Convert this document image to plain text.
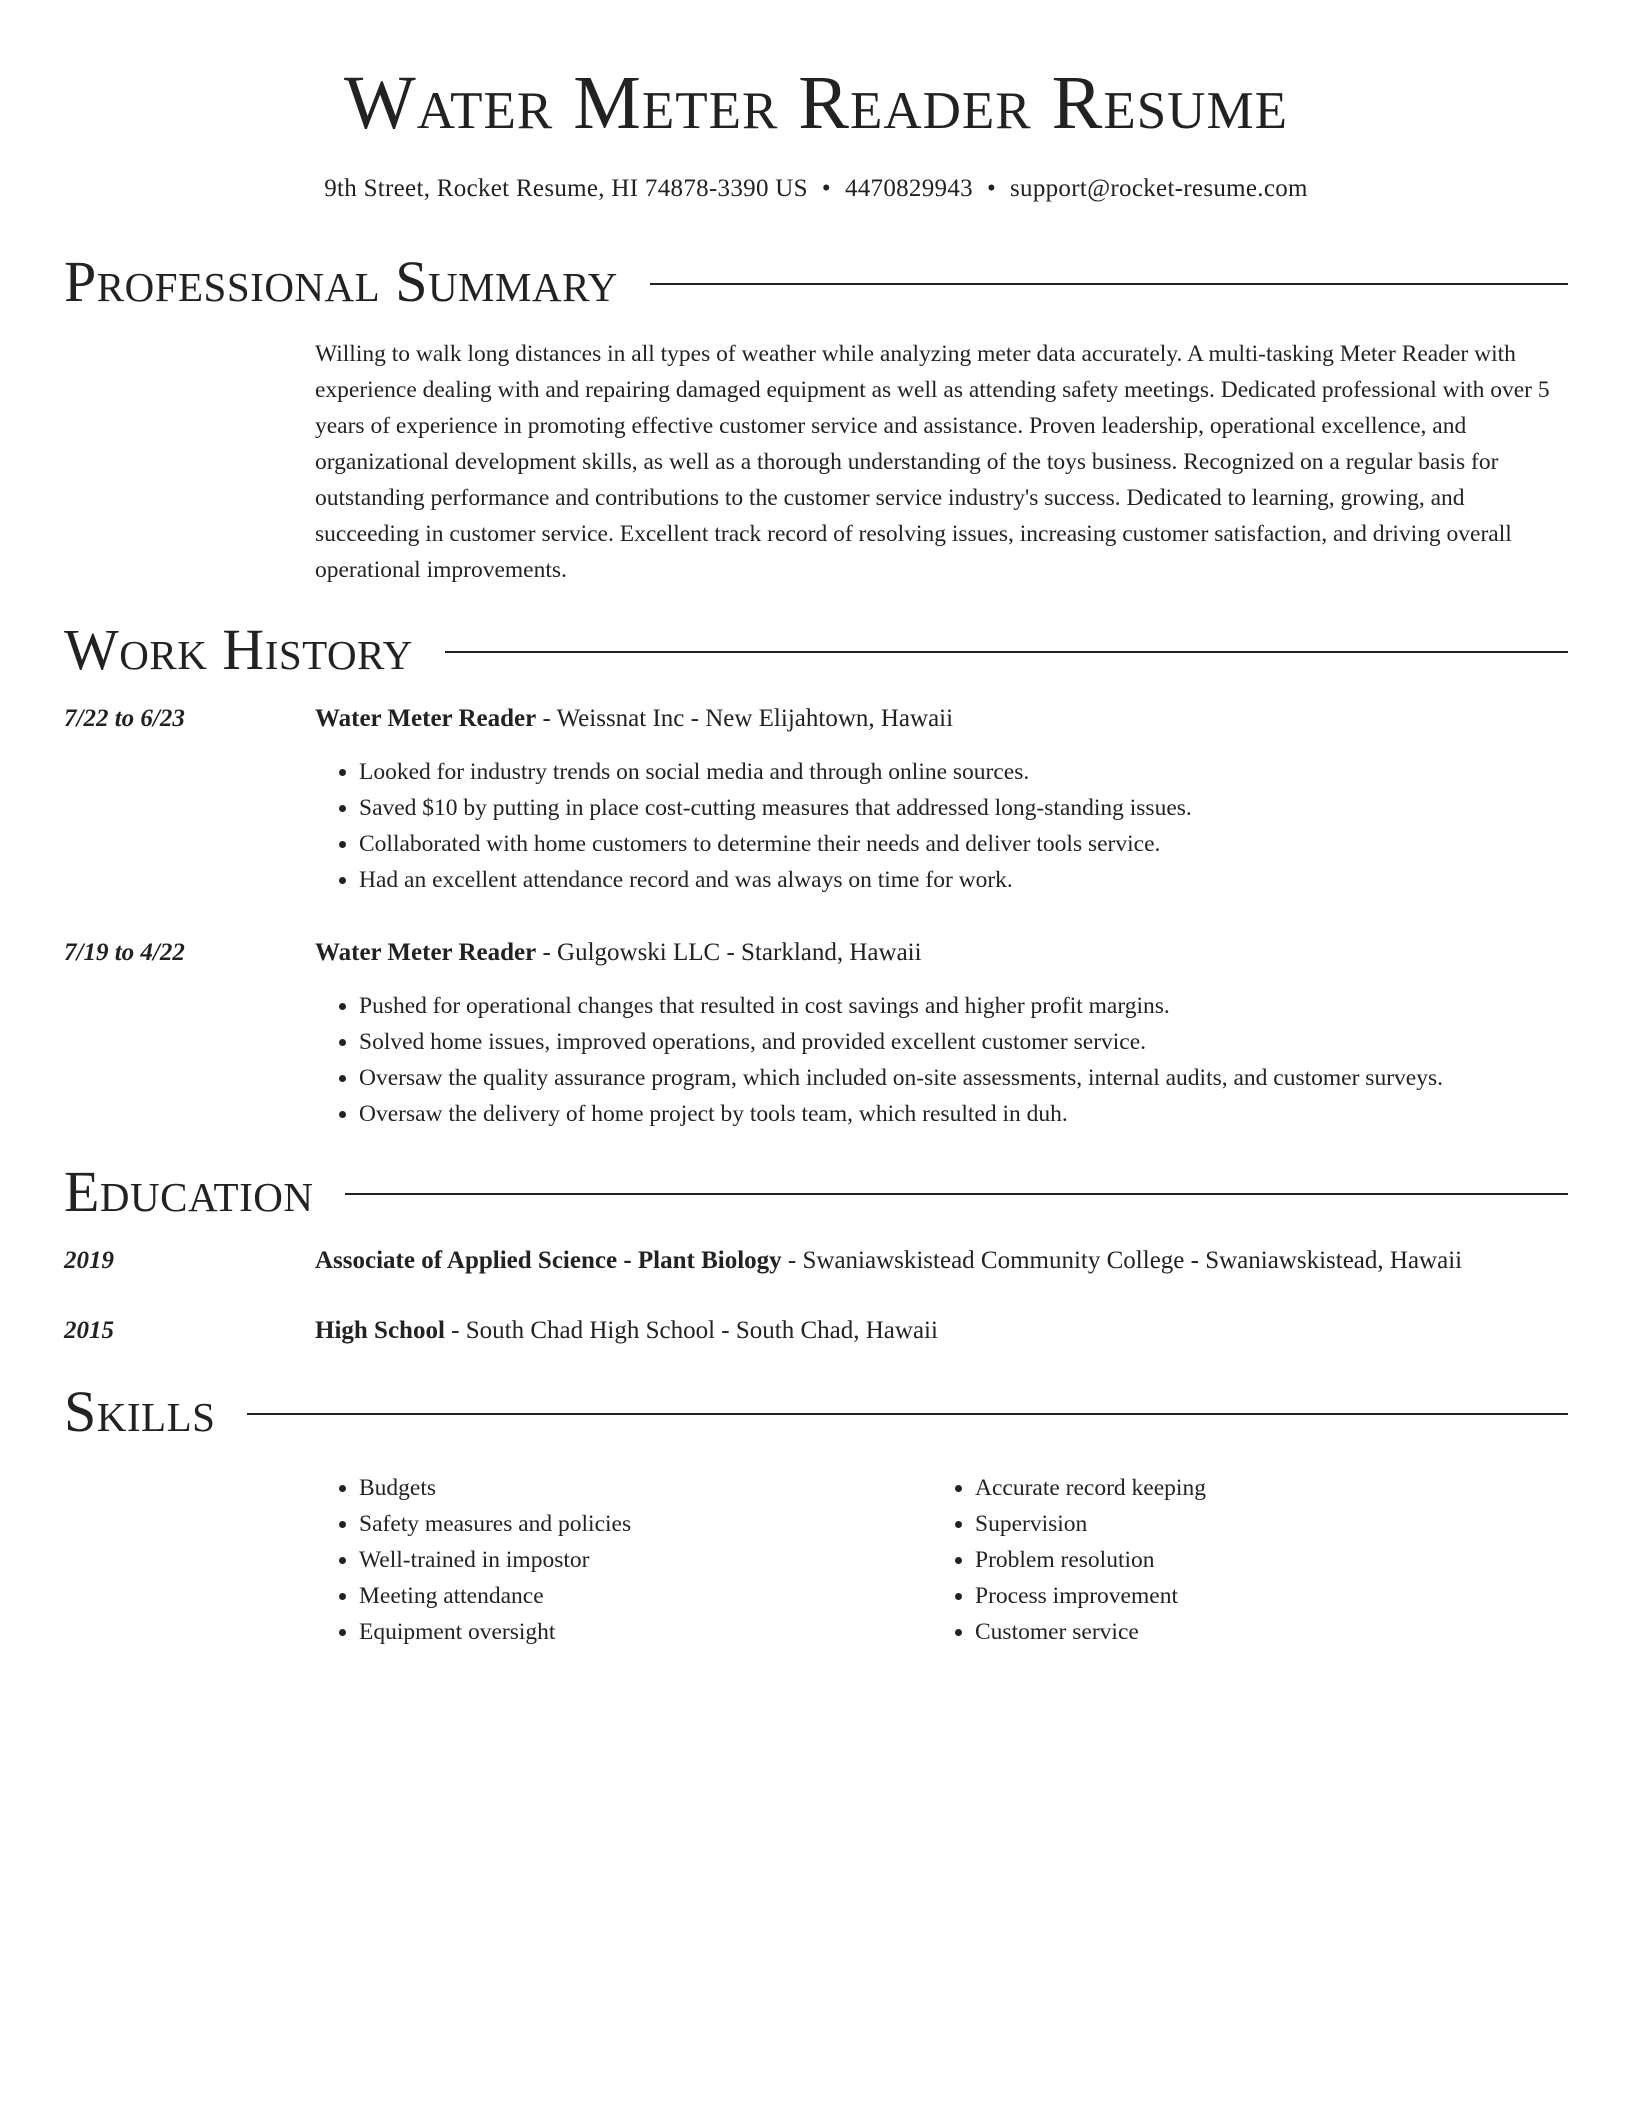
Water Meter Reader Resume
9th Street, Rocket Resume, HI 74878-3390 US • 4470829943 • support@rocket-resume.com
Professional Summary
Willing to walk long distances in all types of weather while analyzing meter data accurately. A multi-tasking Meter Reader with experience dealing with and repairing damaged equipment as well as attending safety meetings. Dedicated professional with over 5 years of experience in promoting effective customer service and assistance. Proven leadership, operational excellence, and organizational development skills, as well as a thorough understanding of the toys business. Recognized on a regular basis for outstanding performance and contributions to the customer service industry's success. Dedicated to learning, growing, and succeeding in customer service. Excellent track record of resolving issues, increasing customer satisfaction, and driving overall operational improvements.
Work History
7/22 to 6/23	Water Meter Reader - Weissnat Inc - New Elijahtown, Hawaii
• Looked for industry trends on social media and through online sources.
• Saved $10 by putting in place cost-cutting measures that addressed long-standing issues.
• Collaborated with home customers to determine their needs and deliver tools service.
• Had an excellent attendance record and was always on time for work.
7/19 to 4/22	Water Meter Reader - Gulgowski LLC - Starkland, Hawaii
• Pushed for operational changes that resulted in cost savings and higher profit margins.
• Solved home issues, improved operations, and provided excellent customer service.
• Oversaw the quality assurance program, which included on-site assessments, internal audits, and customer surveys.
• Oversaw the delivery of home project by tools team, which resulted in duh.
Education
2019	Associate of Applied Science - Plant Biology - Swaniawskistead Community College - Swaniawskistead, Hawaii
2015	High School - South Chad High School - South Chad, Hawaii
Skills
• Budgets
• Safety measures and policies
• Well-trained in impostor
• Meeting attendance
• Equipment oversight
• Accurate record keeping
• Supervision
• Problem resolution
• Process improvement
• Customer service
